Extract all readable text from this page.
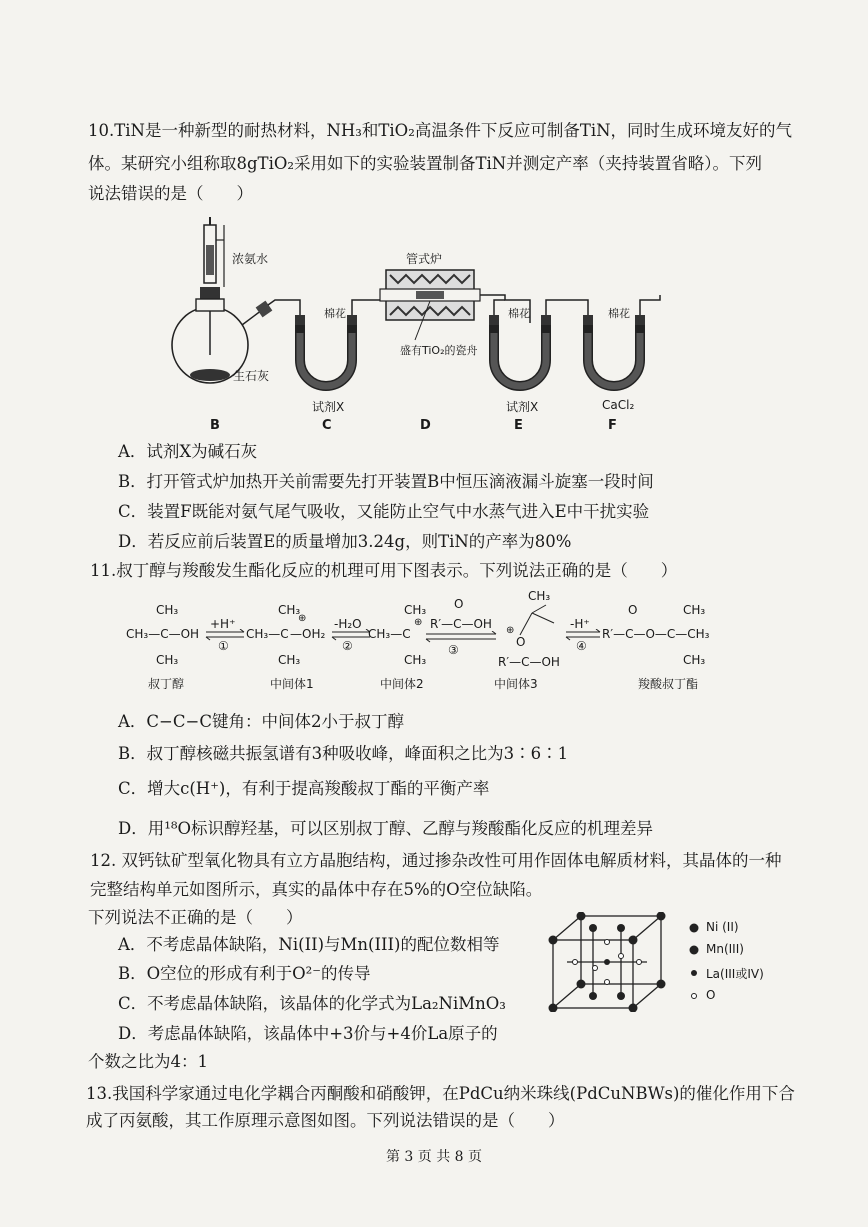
10.TiN是一种新型的耐热材料，NH₃和TiO₂高温条件下反应可制备TiN，同时生成环境友好的气
体。某研究小组称取8gTiO₂采用如下的实验装置制备TiN并测定产率（夹持装置省略）。下列
说法错误的是（　　）
浓氨水
生石灰
管式炉
盛有TiO₂的瓷舟
棉花	棉花	棉花
试剂X	试剂X	CaCl₂
B	C	D	E	F
A．试剂X为碱石灰
B．打开管式炉加热开关前需要先打开装置B中恒压滴液漏斗旋塞一段时间
C．装置F既能对氨气尾气吸收，又能防止空气中水蒸气进入E中干扰实验
D．若反应前后装置E的质量增加3.24g，则TiN的产率为80%
11.叔丁醇与羧酸发生酯化反应的机理可用下图表示。下列说法正确的是（　　）
CH₃
CH₃—C—OH
CH₃
+H⁺
①
CH₃
CH₃—C —OH₂
⊕
CH₃
-H₂O
②
CH₃
CH₃—C
⊕
CH₃
O
R′—C—OH
③
CH₃
⊕
O
R′—C—OH
-H⁺
④
O	CH₃
R′—C—O—C—CH₃
CH₃
叔丁醇	中间体1	中间体2	中间体3	羧酸叔丁酯
A．C−C−C键角：中间体2小于叔丁醇
B．叔丁醇核磁共振氢谱有3种吸收峰，峰面积之比为3∶6∶1
C．增大c(H⁺)，有利于提高羧酸叔丁酯的平衡产率
D．用¹⁸O标识醇羟基，可以区别叔丁醇、乙醇与羧酸酯化反应的机理差异
12. 双钙钛矿型氧化物具有立方晶胞结构，通过掺杂改性可用作固体电解质材料，其晶体的一种
完整结构单元如图所示，真实的晶体中存在5%的O空位缺陷。
下列说法不正确的是（　　）
A．不考虑晶体缺陷，Ni(II)与Mn(III)的配位数相等
B．O空位的形成有利于O²⁻的传导
C．不考虑晶体缺陷，该晶体的化学式为La₂NiMnO₃
D．考虑晶体缺陷，该晶体中+3价与+4价La原子的
个数之比为4：1
Ni (II)
Mn(III)
La(III或IV)
O
13.我国科学家通过电化学耦合丙酮酸和硝酸钾，在PdCu纳米珠线(PdCuNBWs)的催化作用下合
成了丙氨酸，其工作原理示意图如图。下列说法错误的是（　　）
第 3 页 共 8 页
